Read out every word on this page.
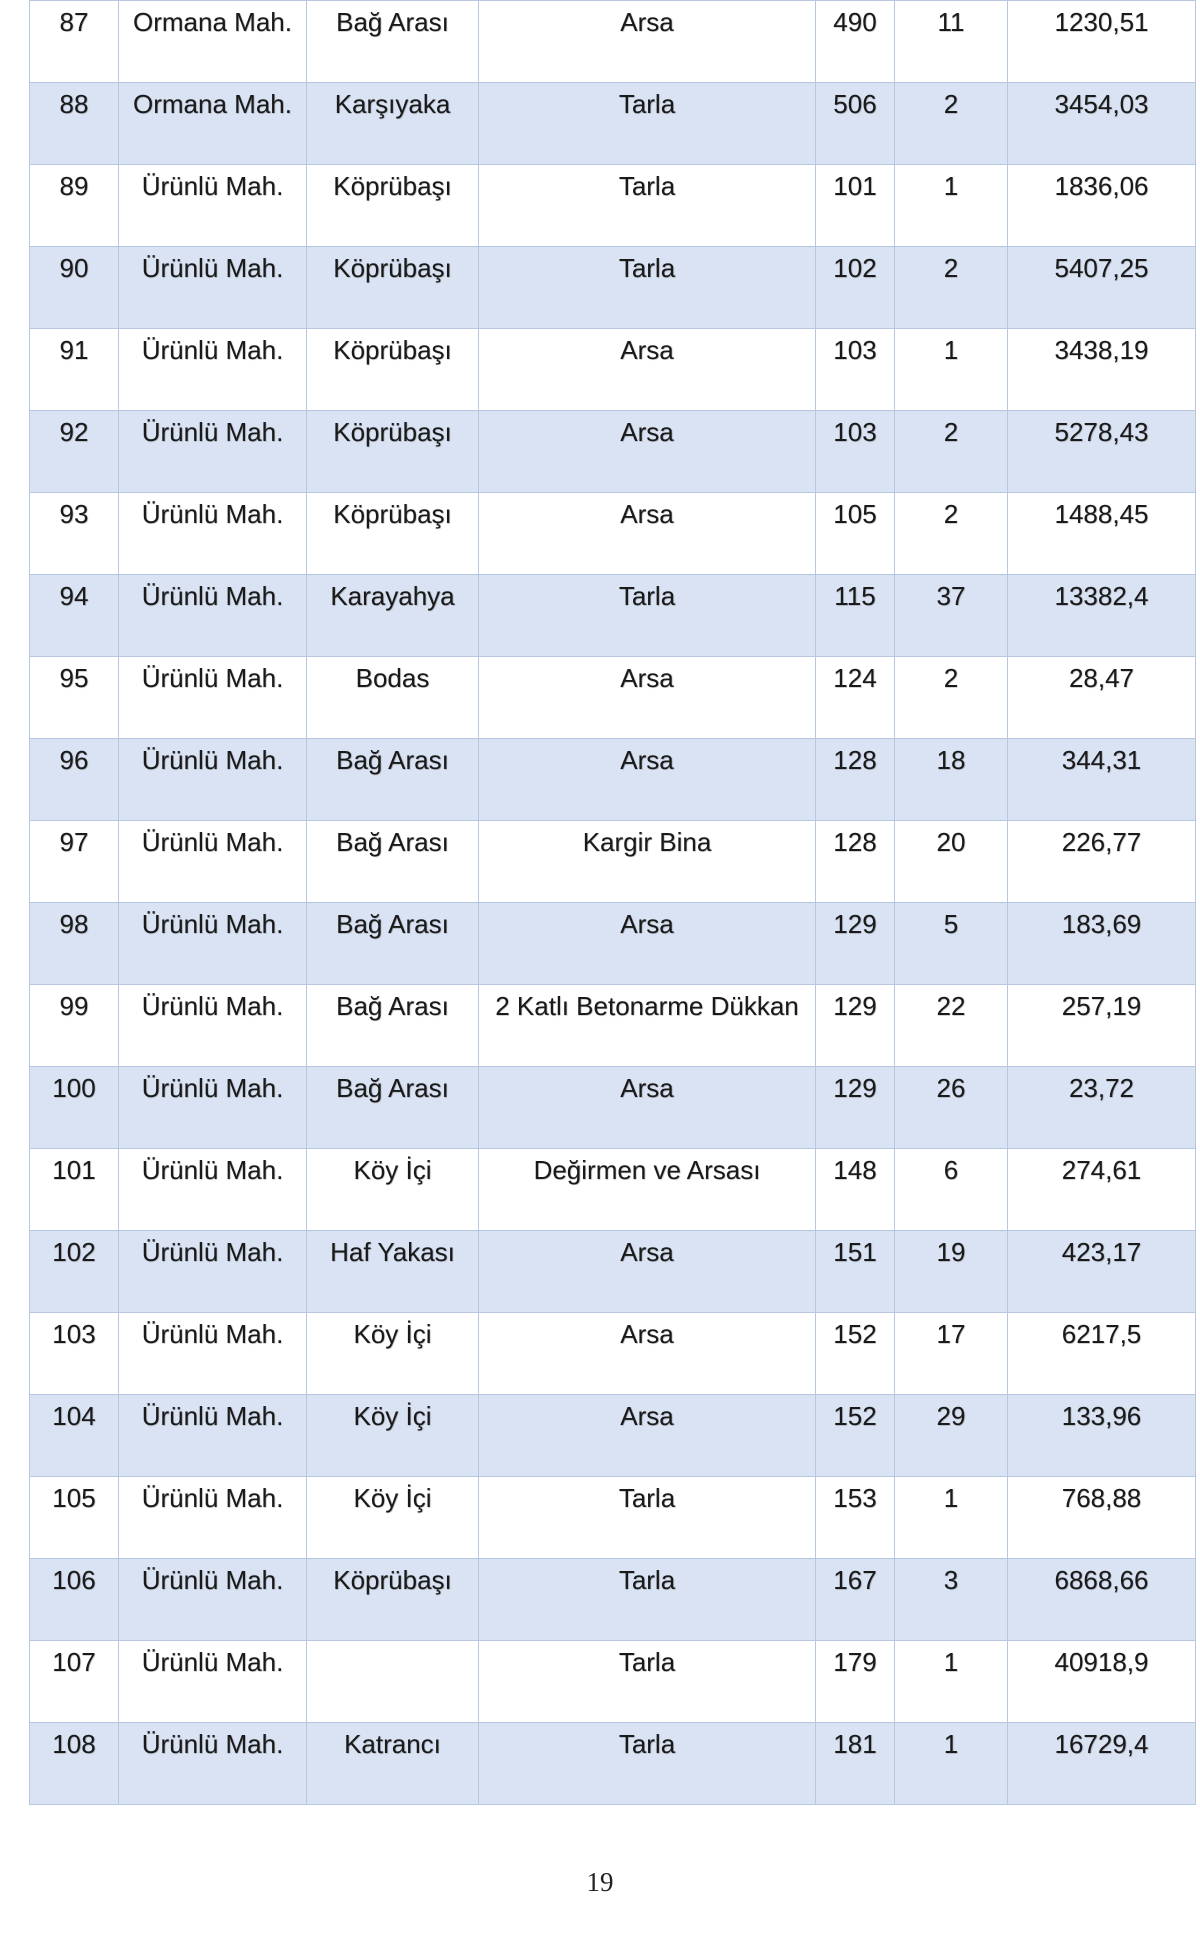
87	Ormana Mah.	Bağ Arası	Arsa	490	11	1230,51

88	Ormana Mah.	Karşıyaka	Tarla	506	2	3454,03

89	Ürünlü Mah.	Köprübaşı	Tarla	101	1	1836,06

90	Ürünlü Mah.	Köprübaşı	Tarla	102	2	5407,25

91	Ürünlü Mah.	Köprübaşı	Arsa	103	1	3438,19

92	Ürünlü Mah.	Köprübaşı	Arsa	103	2	5278,43

93	Ürünlü Mah.	Köprübaşı	Arsa	105	2	1488,45

94	Ürünlü Mah.	Karayahya	Tarla	115	37	13382,4

95	Ürünlü Mah.	Bodas	Arsa	124	2	28,47

96	Ürünlü Mah.	Bağ Arası	Arsa	128	18	344,31

97	Ürünlü Mah.	Bağ Arası	Kargir Bina	128	20	226,77

98	Ürünlü Mah.	Bağ Arası	Arsa	129	5	183,69

99	Ürünlü Mah.	Bağ Arası	2 Katlı Betonarme Dükkan	129	22	257,19

100	Ürünlü Mah.	Bağ Arası	Arsa	129	26	23,72

101	Ürünlü Mah.	Köy İçi	Değirmen ve Arsası	148	6	274,61

102	Ürünlü Mah.	Haf Yakası	Arsa	151	19	423,17

103	Ürünlü Mah.	Köy İçi	Arsa	152	17	6217,5

104	Ürünlü Mah.	Köy İçi	Arsa	152	29	133,96

105	Ürünlü Mah.	Köy İçi	Tarla	153	1	768,88

106	Ürünlü Mah.	Köprübaşı	Tarla	167	3	6868,66

107	Ürünlü Mah.		Tarla	179	1	40918,9

108	Ürünlü Mah.	Katrancı	Tarla	181	1	16729,4
19
